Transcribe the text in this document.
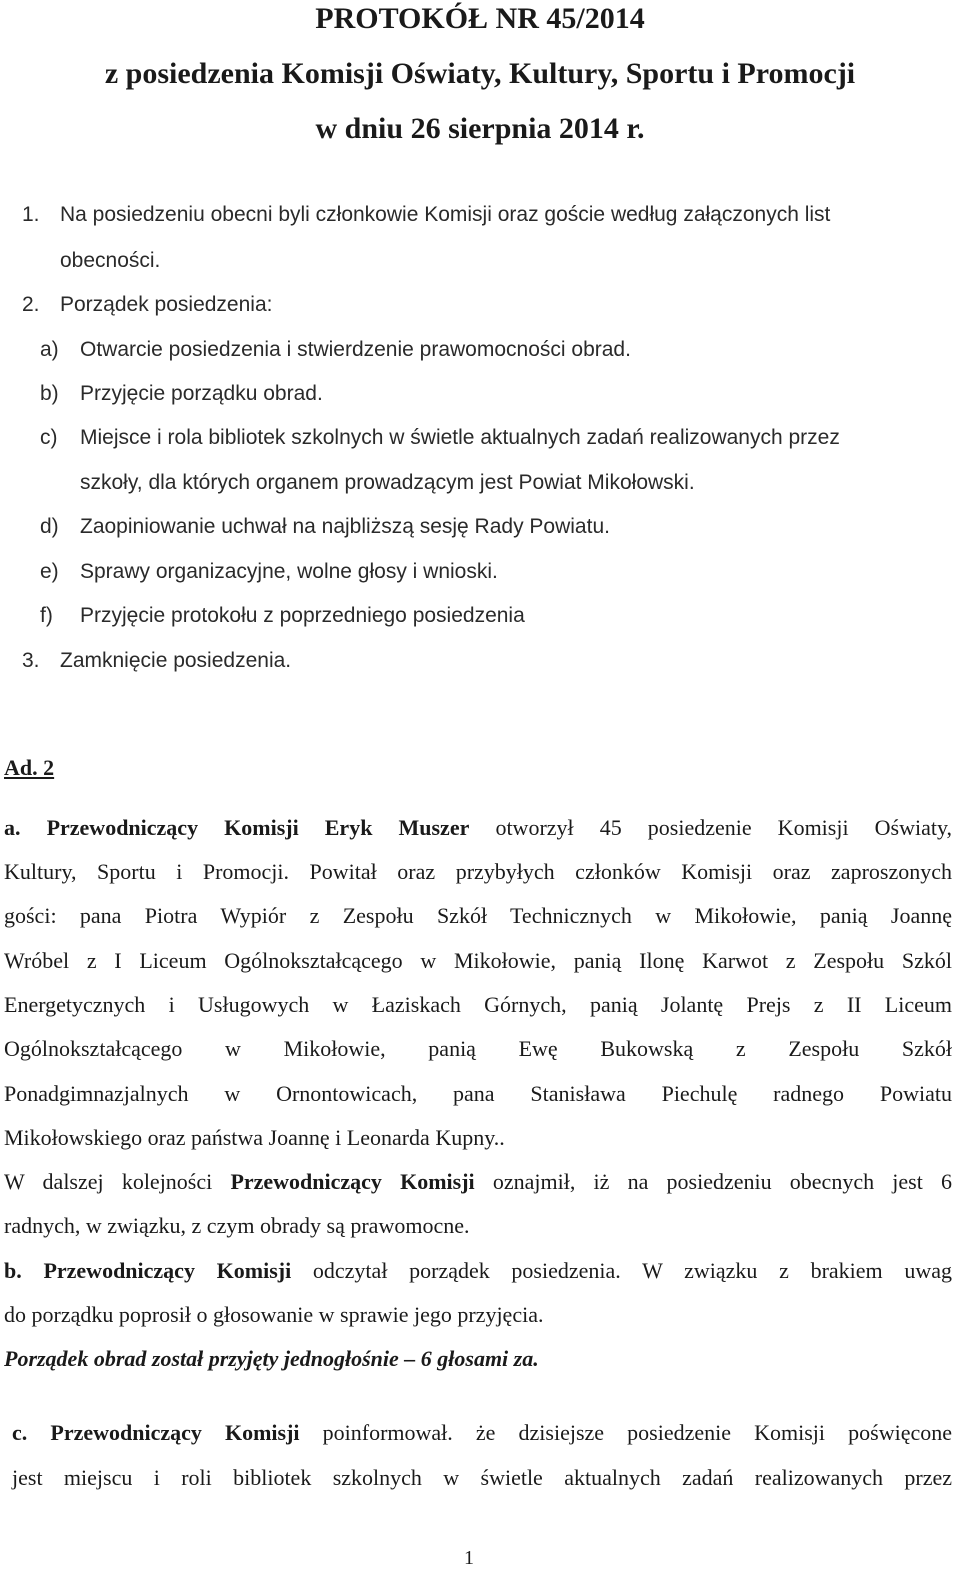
PROTOKÓŁ NR 45/2014
z posiedzenia Komisji Oświaty, Kultury, Sportu i Promocji
w dniu 26 sierpnia 2014 r.
1. Na posiedzeniu obecni byli członkowie Komisji oraz goście według załączonych list
obecności.
2. Porządek posiedzenia:
a) Otwarcie posiedzenia i stwierdzenie prawomocności obrad.
b) Przyjęcie porządku obrad.
c) Miejsce i rola bibliotek szkolnych w świetle aktualnych zadań realizowanych przez
szkoły, dla których organem prowadzącym jest Powiat Mikołowski.
d) Zaopiniowanie uchwał na najbliższą sesję Rady Powiatu.
e) Sprawy organizacyjne, wolne głosy i wnioski.
f) Przyjęcie protokołu z poprzedniego posiedzenia
3. Zamknięcie posiedzenia.
Ad. 2
a. Przewodniczący Komisji Eryk Muszer otworzył 45 posiedzenie Komisji Oświaty,
Kultury, Sportu i Promocji. Powitał oraz przybyłych członków Komisji oraz zaproszonych
gości: pana Piotra Wypiór z Zespołu Szkół Technicznych w Mikołowie, panią Joannę
Wróbel z I Liceum Ogólnokształcącego w Mikołowie, panią Ilonę Karwot z Zespołu Szkól
Energetycznych i Usługowych w Łaziskach Górnych, panią Jolantę Prejs z II Liceum
Ogólnokształcącego w Mikołowie, panią Ewę Bukowską z Zespołu Szkół
Ponadgimnazjalnych w Ornontowicach, pana Stanisława Piechulę radnego Powiatu
Mikołowskiego oraz państwa Joannę i Leonarda Kupny..
W dalszej kolejności Przewodniczący Komisji oznajmił, iż na posiedzeniu obecnych jest 6
radnych, w związku, z czym obrady są prawomocne.
b. Przewodniczący Komisji odczytał porządek posiedzenia. W związku z brakiem uwag
do porządku poprosił o głosowanie w sprawie jego przyjęcia.
Porządek obrad został przyjęty jednogłośnie – 6 głosami za.
c. Przewodniczący Komisji poinformował. że dzisiejsze posiedzenie Komisji poświęcone
jest miejscu i roli bibliotek szkolnych w świetle aktualnych zadań realizowanych przez
1
